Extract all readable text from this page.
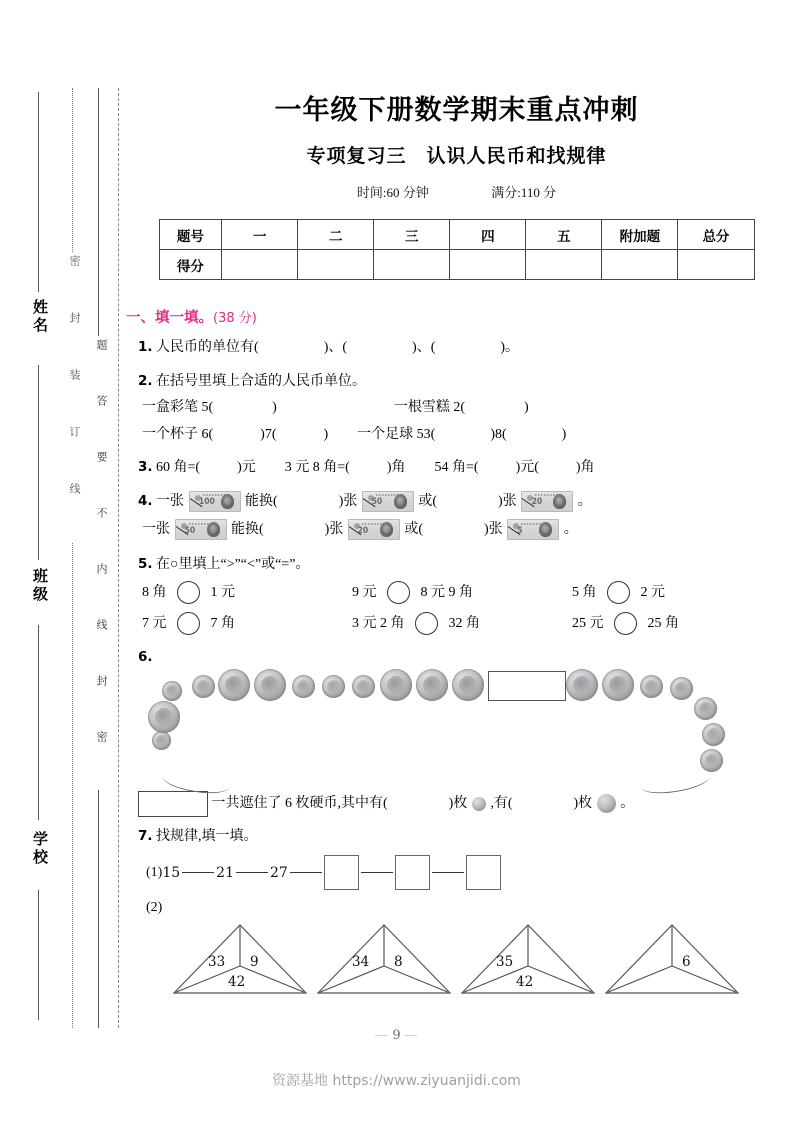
姓名
班级
学校
密封装订线 题答要不内线封密
一年级下册数学期末重点冲刺
专项复习三　认识人民币和找规律
时间:60 分钟	满分:110 分
题号	一	二	三	四	五	附加题	总分
得分							
一、填一填。(38 分)
1. 人民币的单位有(	)、(	)、(	)。
2. 在括号里填上合适的人民币单位。
一盒彩笔 5(	)	一根雪糕 2(	)
一个杯子 6(	)7(	) 一个足球 53(	)8(	)
3. 60 角=(	)元 3 元 8 角=(	)角 54 角=(	)元(	)角
4. 一张 100 能换(	)张 50	或(	)张 20	。
一张 50	能换(	)张 20	或(	)张 5	。
5. 在○里填上“>”“<”或“=”。
8 角	1 元	9 元	8 元 9 角	5 角	2 元
7 元	7 角	3 元 2 角	32 角	25 元	25 角
6.
一共遮住了 6 枚硬币,其中有(	)枚 ,有(	)枚 。
7. 找规律,填一填。
(1) 15	21	27
(2)
33 9
42
34 8	35
42
6
— 9 —
资源基地 https://www.ziyuanjidi.com
